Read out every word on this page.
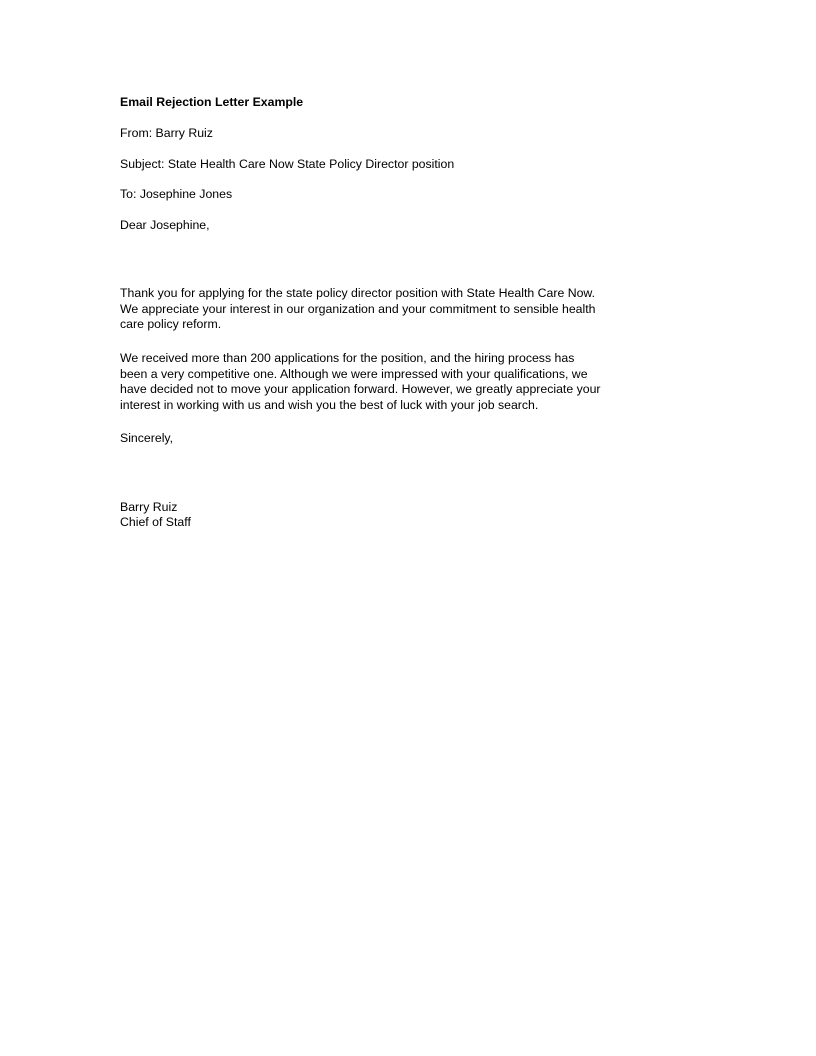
Email Rejection Letter Example
From: Barry Ruiz
Subject: State Health Care Now State Policy Director position
To: Josephine Jones
Dear Josephine,
Thank you for applying for the state policy director position with State Health Care Now.
We appreciate your interest in our organization and your commitment to sensible health
care policy reform.
We received more than 200 applications for the position, and the hiring process has
been a very competitive one. Although we were impressed with your qualifications, we
have decided not to move your application forward. However, we greatly appreciate your
interest in working with us and wish you the best of luck with your job search.
Sincerely,
Barry Ruiz
Chief of Staff
